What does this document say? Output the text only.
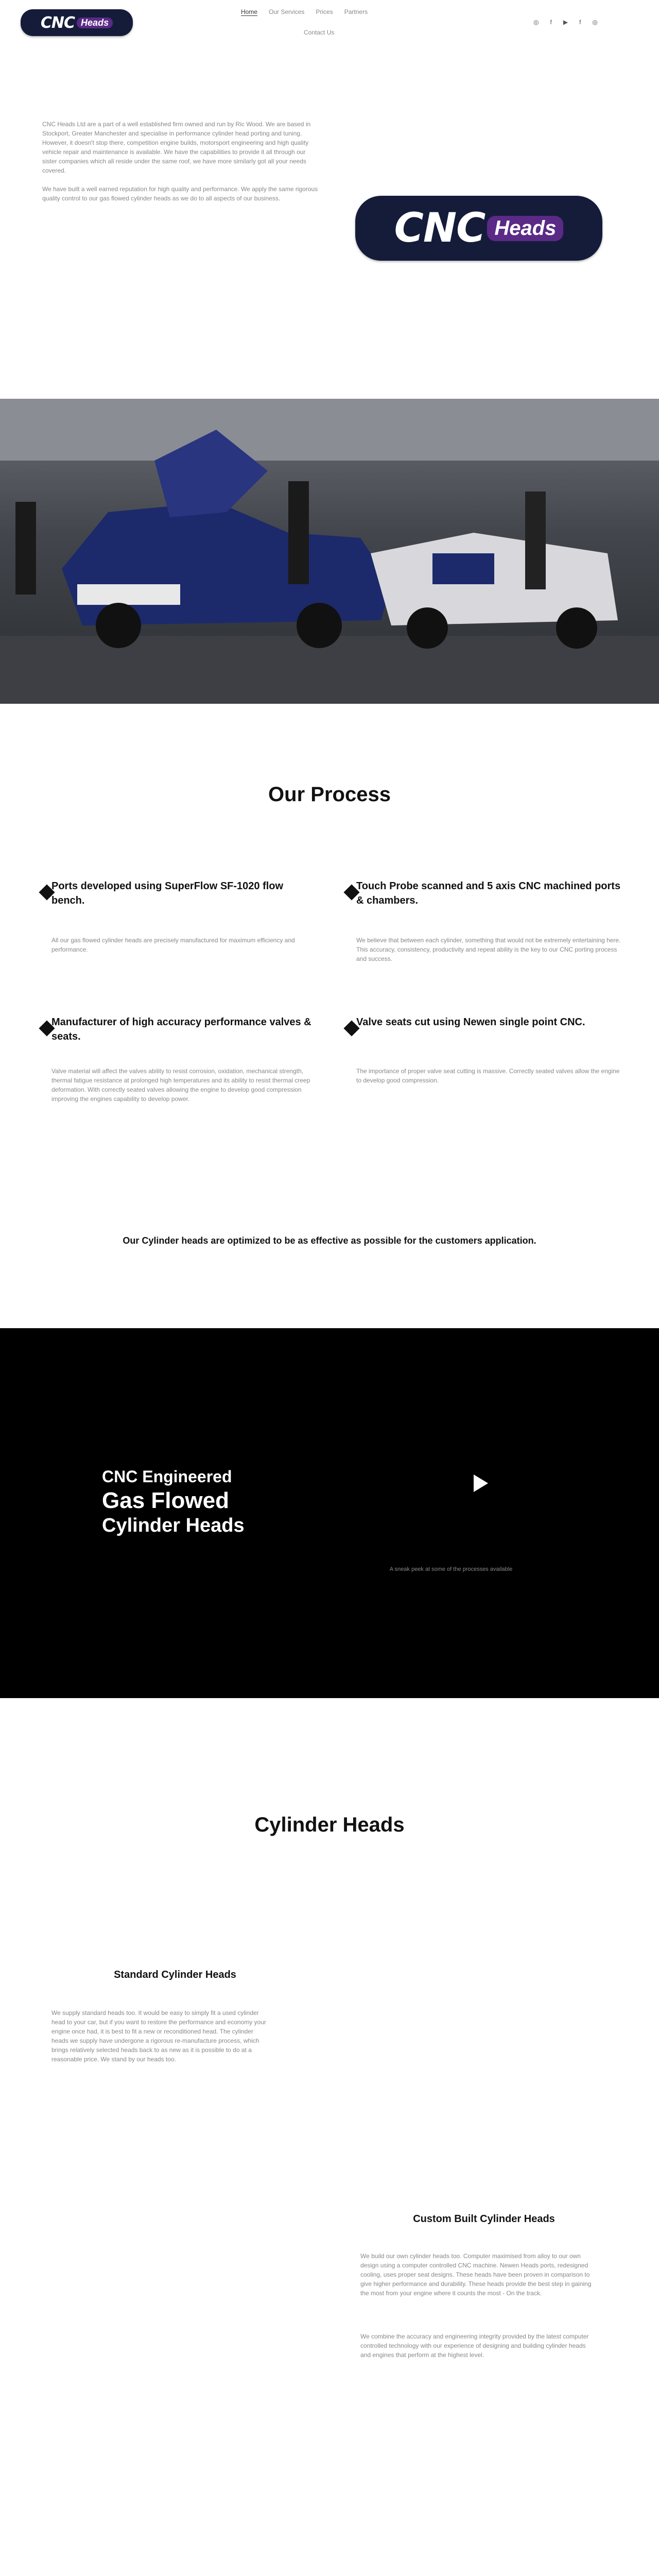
CNC Heads
Home Our Services Prices Partners
Contact Us
◎ f ▶ f ◎

CNC Heads Ltd are a part of a well established firm owned and run by Ric Wood. We are based in Stockport, Greater Manchester and specialise in performance cylinder head porting and tuning. However, it doesn't stop there, competition engine builds, motorsport engineering and high quality vehicle repair and maintenance is available. We have the capabilities to provide it all through our sister companies which all reside under the same roof, we have more similarly got all your needs covered.

We have built a well earned reputation for high quality and performance. We apply the same rigorous quality control to our gas flowed cylinder heads as we do to all aspects of our business.

CNC Heads
Our Process
Ports developed using SuperFlow SF-1020 flow bench.
All our gas flowed cylinder heads are precisely manufactured for maximum efficiency and performance.
Touch Probe scanned and 5 axis CNC machined ports & chambers.
We believe that between each cylinder, something that would not be extremely entertaining here. This accuracy, consistency, productivity and repeat ability is the key to our CNC porting process and success.
Manufacturer of high accuracy performance valves & seats.
Valve material will affect the valves ability to resist corrosion, oxidation, mechanical strength, thermal fatigue resistance at prolonged high temperatures and its ability to resist thermal creep deformation. With correctly seated valves allowing the engine to develop good compression improving the engines capability to develop power.
Valve seats cut using Newen single point CNC.
The importance of proper valve seat cutting is massive. Correctly seated valves allow the engine to develop good compression.
Our Cylinder heads are optimized to be as effective as possible for the customers application.
CNC Engineered
Gas Flowed
Cylinder Heads
A sneak peek at some of the processes available
Cylinder Heads
Standard Cylinder Heads
We supply standard heads too. It would be easy to simply fit a used cylinder head to your car, but if you want to restore the performance and economy your engine once had, it is best to fit a new or reconditioned head. The cylinder heads we supply have undergone a rigorous re-manufacture process, which brings relatively selected heads back to as new as it is possible to do at a reasonable price. We stand by our heads too.
Custom Built Cylinder Heads
We build our own cylinder heads too. Computer maximised from alloy to our own design using a computer controlled CNC machine. Newen Heads ports, redesigned cooling, uses proper seat designs. These heads have been proven in comparison to give higher performance and durability. These heads provide the best step in gaining the most from your engine where it counts the most - On the track.
We combine the accuracy and engineering integrity provided by the latest computer controlled technology with our experience of designing and building cylinder heads and engines that perform at the highest level.
